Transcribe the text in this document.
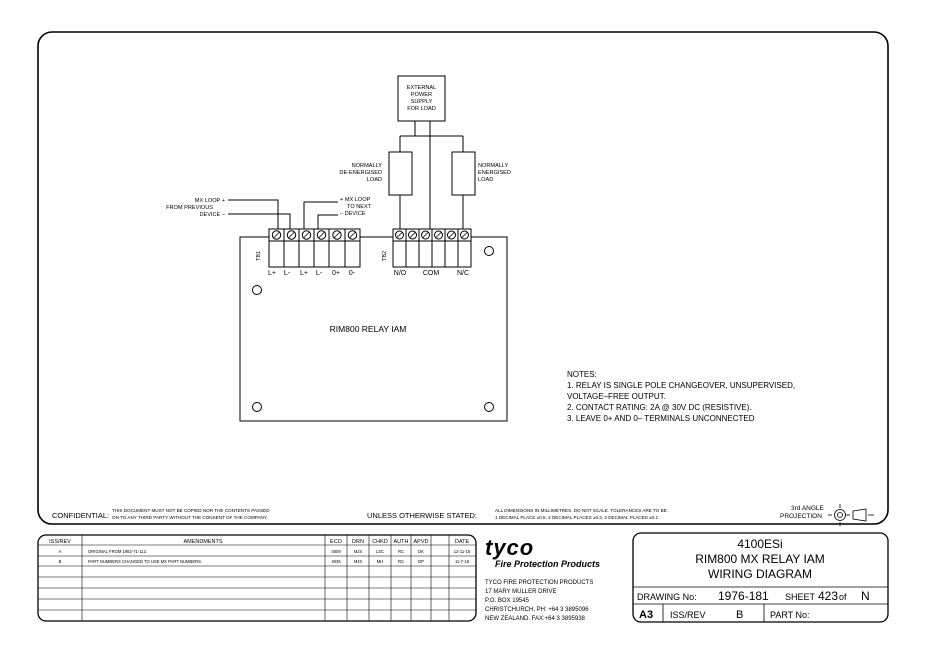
EXTERNAL
POWER
SUPPLY
FOR LOAD
NORMALLY
DE-ENERGISED
LOAD
NORMALLY
ENERGISED
LOAD
MX LOOP +
FROM PREVIOUS
DEVICE –
+ MX LOOP
TO NEXT
– DEVICE
RIM800 RELAY IAM
TB1
L+ L- L+ L- 0+ 0-
TB2
N/O COM	N/C
NOTES:
1. RELAY IS SINGLE POLE CHANGEOVER, UNSUPERVISED,
VOLTAGE–FREE OUTPUT.
2. CONTACT RATING: 2A @ 30V DC (RESISTIVE).
3. LEAVE 0+ AND 0– TERMINALS UNCONNECTED
CONFIDENTIAL:
THIS DOCUMENT MUST NOT BE COPIED NOR THE CONTENTS PASSED
ON TO ANY THIRD PARTY WITHOUT THE CONSENT OF THE COMPANY.	UNLESS OTHERWISE STATED:
ALL DIMENSIONS IN MILLIMETRES. DO NOT SCALE. TOLERANCES ARE TO BE:
1 DECIMAL PLACE ±0.5, 2 DECIMAL PLACES ±0.3, 3 DECIMAL PLACES ±0.1
3rd ANGLE
PROJECTION
ISS/REV	AMENDMENTS	ECO DRN CHKD AUTH APVD	DATE
A	ORIGINAL FROM 1982-71-112.	4809	MJS	LSC	RC	DK	12-11-15
B	PART NUMBERS CHANGED TO USE MX PART NUMBERS.	4936	MJS	MH	RC	DP	11-7-16
tyco
Fire Protection Products
TYCO FIRE PROTECTION PRODUCTS
17 MARY MULLER DRIVE
P.O. BOX 19545
CHRISTCHURCH, PH: +64 3 3895096
NEW ZEALAND. FAX:+64 3 3895938
4100ESi
RIM800 MX RELAY IAM
WIRING DIAGRAM
DRAWING No: 1976-181 SHEET 423 of N
A3 ISS/REV	B	PART No:
